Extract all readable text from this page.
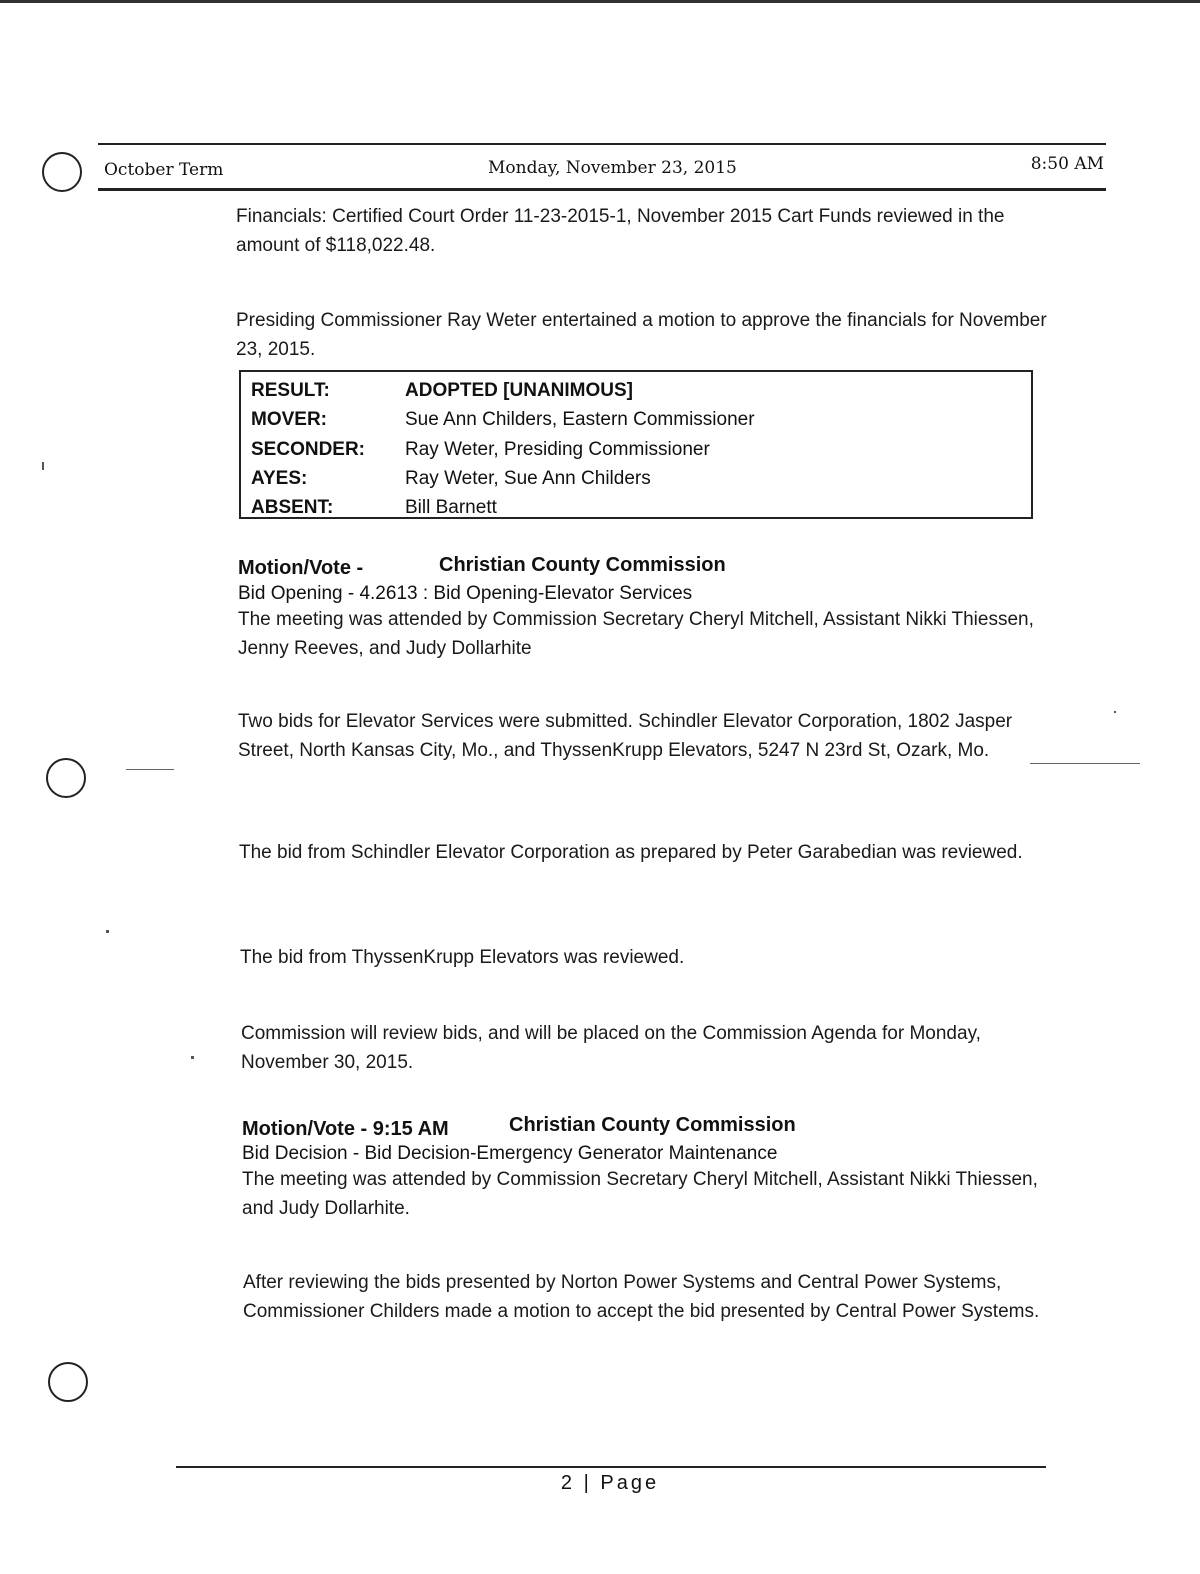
October Term	Monday, November 23, 2015	8:50 AM
Financials: Certified Court Order 11-23-2015-1, November 2015 Cart Funds reviewed in the amount of $118,022.48.
Presiding Commissioner Ray Weter entertained a motion to approve the financials for November 23, 2015.
RESULT:	ADOPTED [UNANIMOUS]
MOVER:	Sue Ann Childers, Eastern Commissioner
SECONDER: Ray Weter, Presiding Commissioner
AYES:	Ray Weter, Sue Ann Childers
ABSENT:	Bill Barnett
Motion/Vote -	Christian County Commission
Bid Opening - 4.2613 : Bid Opening-Elevator Services
The meeting was attended by Commission Secretary Cheryl Mitchell, Assistant Nikki Thiessen, Jenny Reeves, and Judy Dollarhite
Two bids for Elevator Services were submitted. Schindler Elevator Corporation, 1802 Jasper Street, North Kansas City, Mo., and ThyssenKrupp Elevators, 5247 N 23rd St, Ozark, Mo.
The bid from Schindler Elevator Corporation as prepared by Peter Garabedian was reviewed.
The bid from ThyssenKrupp Elevators was reviewed.
Commission will review bids, and will be placed on the Commission Agenda for Monday, November 30, 2015.
Motion/Vote - 9:15 AM	Christian County Commission
Bid Decision - Bid Decision-Emergency Generator Maintenance
The meeting was attended by Commission Secretary Cheryl Mitchell, Assistant Nikki Thiessen, and Judy Dollarhite.
After reviewing the bids presented by Norton Power Systems and Central Power Systems, Commissioner Childers made a motion to accept the bid presented by Central Power Systems.
2 | Page
